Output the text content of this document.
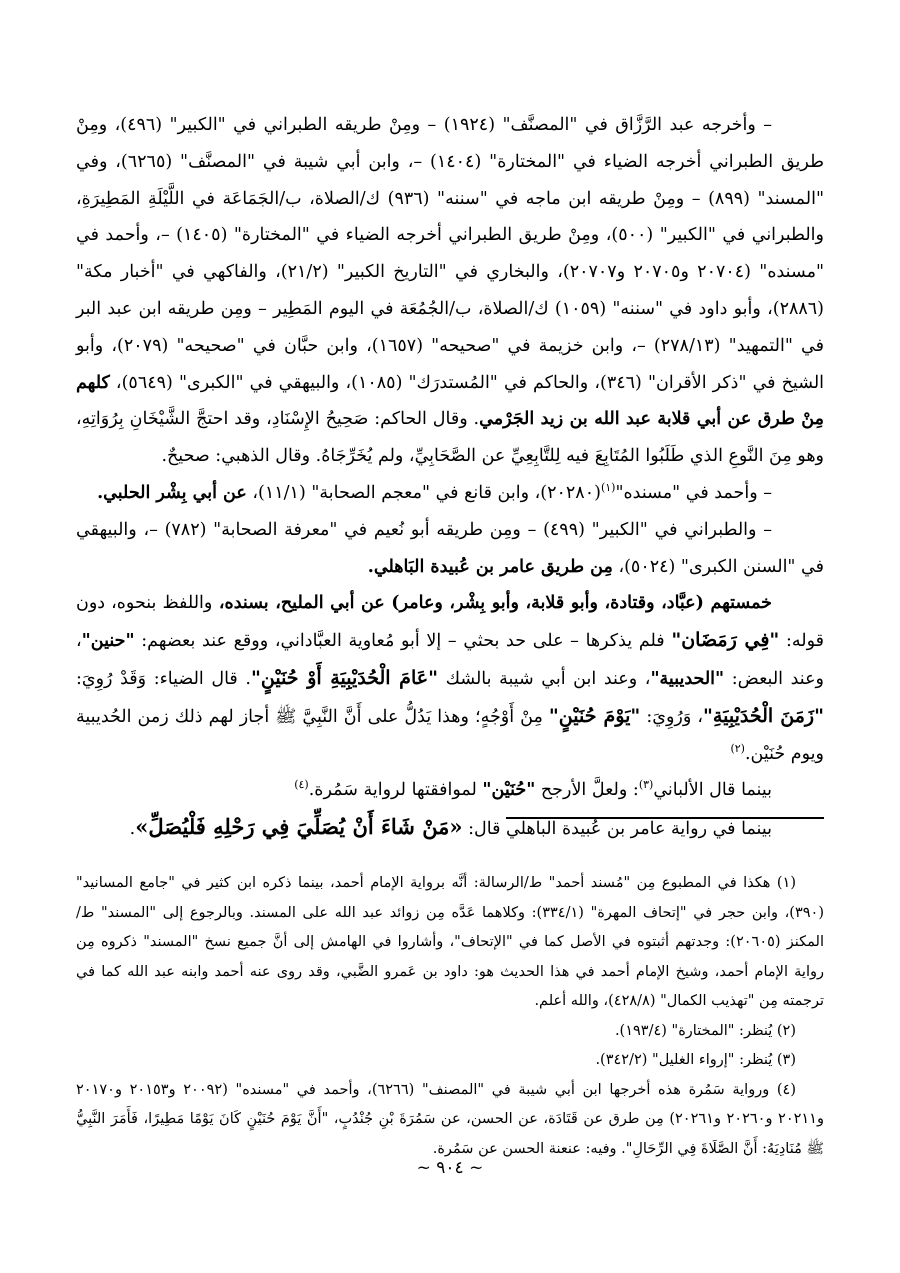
– وأخرجه عبد الرَّزَّاق في "المصنَّف" (١٩٢٤) – ومِنْ طريقه الطبراني في "الكبير" (٤٩٦)، ومِنْ طريق الطبراني أخرجه الضياء في "المختارة" (١٤٠٤) –، وابن أبي شيبة في "المصنَّف" (٦٢٦٥)، وفي "المسند" (٨٩٩) – ومِنْ طريقه ابن ماجه في "سننه" (٩٣٦) ك/الصلاة، ب/الجَمَاعَة في اللَّيْلَةِ المَطِيرَةِ، والطبراني في "الكبير" (٥٠٠)، ومِنْ طريق الطبراني أخرجه الضياء في "المختارة" (١٤٠٥) –، وأحمد في "مسنده" (٢٠٧٠٤ و٢٠٧٠٥ و٢٠٧٠٧)، والبخاري في "التاريخ الكبير" (٢١/٢)، والفاكهي في "أخبار مكة" (٢٨٨٦)، وأبو داود في "سننه" (١٠٥٩) ك/الصلاة، ب/الجُمُعَة في اليوم المَطِير – ومِن طريقه ابن عبد البر في "التمهيد" (٢٧٨/١٣) –، وابن خزيمة في "صحيحه" (١٦٥٧)، وابن حبَّان في "صحيحه" (٢٠٧٩)، وأبو الشيخ في "ذكر الأقران" (٣٤٦)، والحاكم في "المُستدرَك" (١٠٨٥)، والبيهقي في "الكبرى" (٥٦٤٩)، كلهم مِنْ طرق عن أبي قلابة عبد الله بن زيد الجَرْمي. وقال الحاكم: صَحِيحُ الإِسْنَادِ، وقد احتجَّ الشَّيْخَانِ بِرُوَاتِهِ، وهو مِنَ النَّوعِ الذي طَلَبُوا المُتَابِعَ فيه لِلتَّابِعِيِّ عن الصَّحَابِيِّ، ولم يُخَرِّجَاهُ. وقال الذهبي: صحيحٌ.

– وأحمد في "مسنده"$^{(١)}$(٢٠٢٨٠)، وابن قانع في "معجم الصحابة" (١١/١)، عن أبي بِشْر الحلبي.

– والطبراني في "الكبير" (٤٩٩) – ومِن طريقه أبو نُعيم في "معرفة الصحابة" (٧٨٢) –، والبيهقي في "السنن الكبرى" (٥٠٢٤)، مِن طريق عامر بن عُبيدة البَاهلي.

خمستهم (عبَّاد، وقتادة، وأبو قلابة، وأبو بِشْر، وعامر) عن أبي المليح، بسنده، واللفظ بنحوه، دون قوله: "فِي رَمَضَان" فلم يذكرها – على حد بحثي – إلا أبو مُعاوية العبَّاداني، ووقع عند بعضهم: "حنين"، وعند البعض: "الحديبية"، وعند ابن أبي شيبة بالشك "عَامَ الْحُدَيْبِيَةِ أَوْ حُنَيْنٍ". قال الضياء: وَقَدْ رُوِيَ: "زَمَنَ الْحُدَيْبِيَةِ"، وَرُوِيَ: "يَوْمَ حُنَيْنٍ" مِنْ أَوْجُهٍ؛ وهذا يَدُلُّ على أَنَّ النَّبِيَّ ﷺ أجاز لهم ذلك زمن الحُديبية ويوم حُنَيْن.$^{(٢)}$

بينما قال الألباني$^{(٣)}$: ولعلَّ الأرجح "حُنَيْن" لموافقتها لرواية سَمُرة.$^{(٤)}$

بينما في رواية عامر بن عُبيدة الباهلي قال: «مَنْ شَاءَ أَنْ يُصَلِّيَ فِي رَحْلِهِ فَلْيُصَلِّ».

(١) هكذا في المطبوع مِن "مُسند أحمد" ط/الرسالة: أنَّه برواية الإمام أحمد، بينما ذكره ابن كثير في "جامع المسانيد" (٣٩٠)، وابن حجر في "إتحاف المهرة" (٣٣٤/١): وكلاهما عَدَّه مِن زوائد عبد الله على المسند. وبالرجوع إلى "المسند" ط/المكنز (٢٠٦٠٥): وجدتهم أثبتوه في الأصل كما في "الإتحاف"، وأشاروا في الهامش إلى أنَّ جميع نسخ "المسند" ذكروه مِن رواية الإمام أحمد، وشيخ الإمام أحمد في هذا الحديث هو: داود بن عَمرو الضَّبي، وقد روى عنه أحمد وابنه عبد الله كما في ترجمته مِن "تهذيب الكمال" (٤٢٨/٨)، والله أعلم.

(٢) يُنظر: "المختارة" (١٩٣/٤).

(٣) يُنظر: "إرواء الغليل" (٣٤٢/٢).

(٤) ورواية سَمُرة هذه أخرجها ابن أبي شيبة في "المصنف" (٦٢٦٦)، وأحمد في "مسنده" (٢٠٠٩٢ و٢٠١٥٣ و٢٠١٧٠ و٢٠٢١١ و٢٠٢٦٠ و٢٠٢٦١) مِن طرق عن قَتَادَة، عن الحسن، عن سَمُرَةَ بْنِ جُنْدُبٍ، "أَنَّ يَوْمَ حُنَيْنٍ كَانَ يَوْمًا مَطِيرًا، فَأَمَرَ النَّبِيُّ ﷺ مُنَادِيَهُ: أَنَّ الصَّلَاةَ فِي الرِّحَالِ". وفيه: عنعنة الحسن عن سَمُرة.

~ ٩٠٤ ~
